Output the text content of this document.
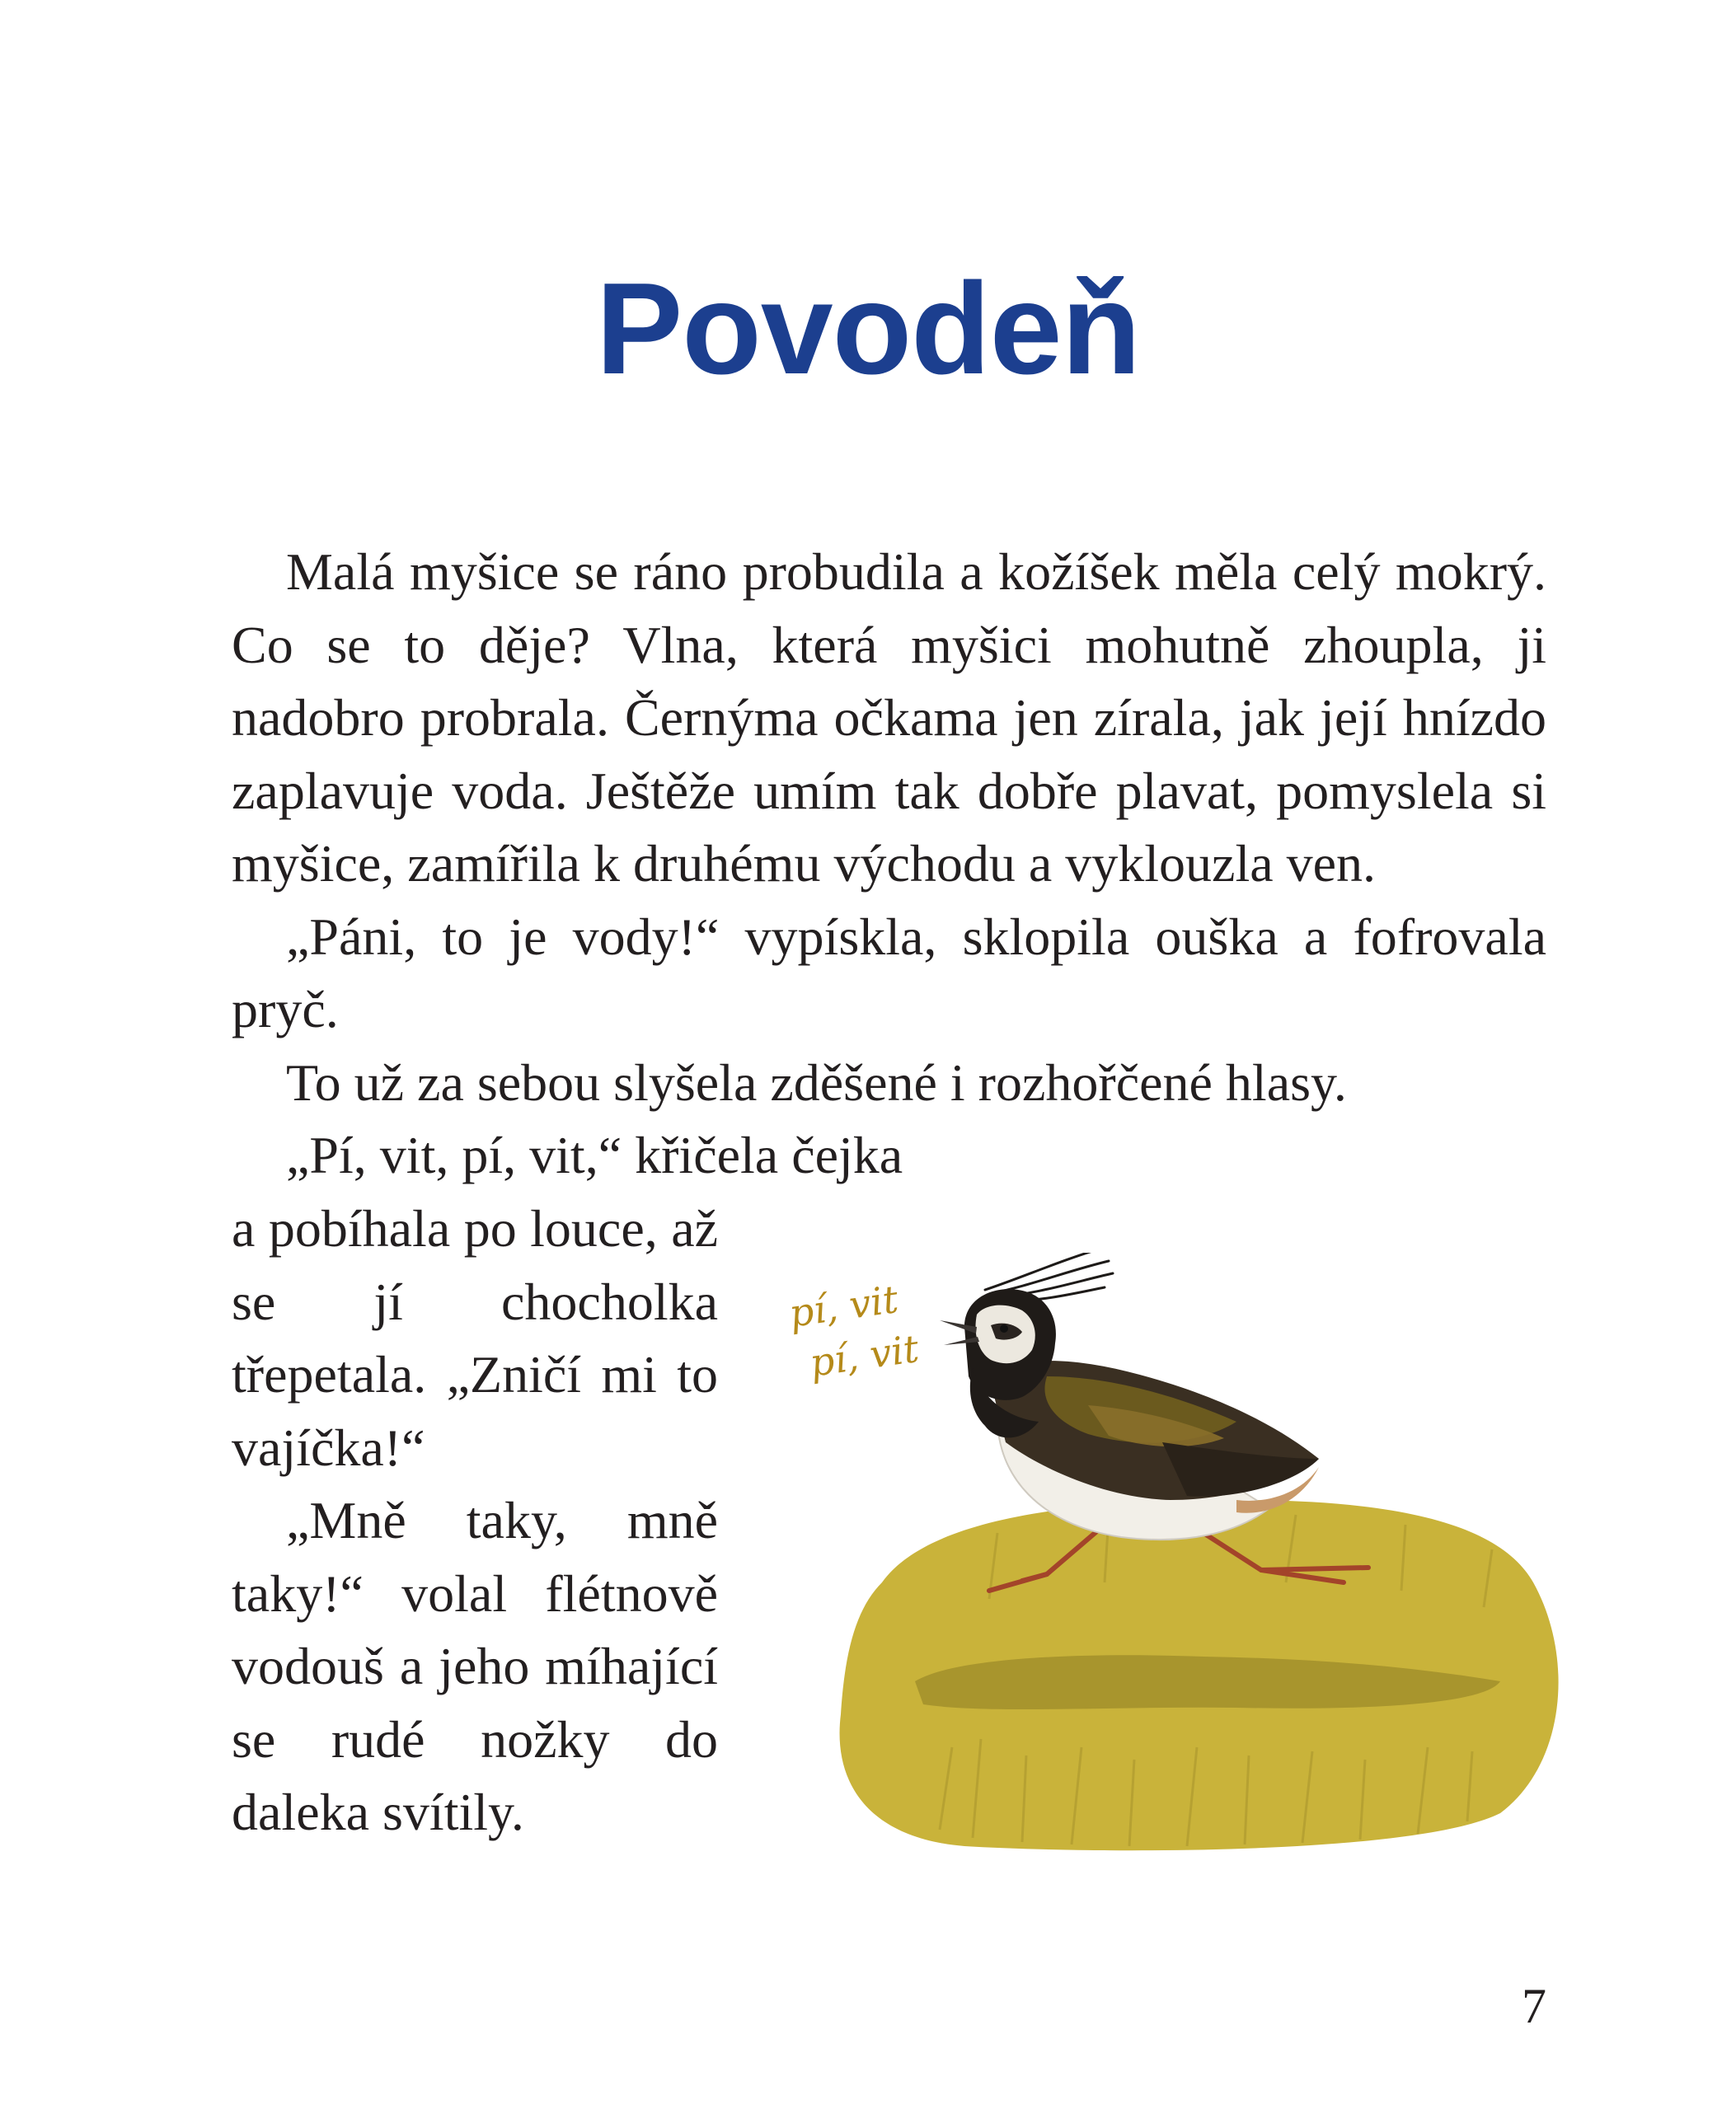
Povodeň

Malá myšice se ráno probudila a kožíšek měla celý mokrý. Co se to děje? Vlna, která myšici mohutně zhoupla, ji nadobro probrala. Černýma očkama jen zírala, jak její hnízdo zaplavuje voda. Ještěže umím tak dobře plavat, pomyslela si myšice, zamířila k druhému východu a vyklouzla ven.

„Páni, to je vody!“ vypískla, sklopila ouška a fofrovala pryč.

To už za sebou slyšela zděšené i rozhořčené hlasy.

„Pí, vit, pí, vit,“ křičela čejka

a pobíhala po louce, až se jí chocholka třepetala. „Zničí mi to vajíčka!“

„Mně taky, mně taky!“ volal flétnově vodouš a jeho míhající se rudé nožky do daleka svítily.

pí, vit
pí, vit
7
